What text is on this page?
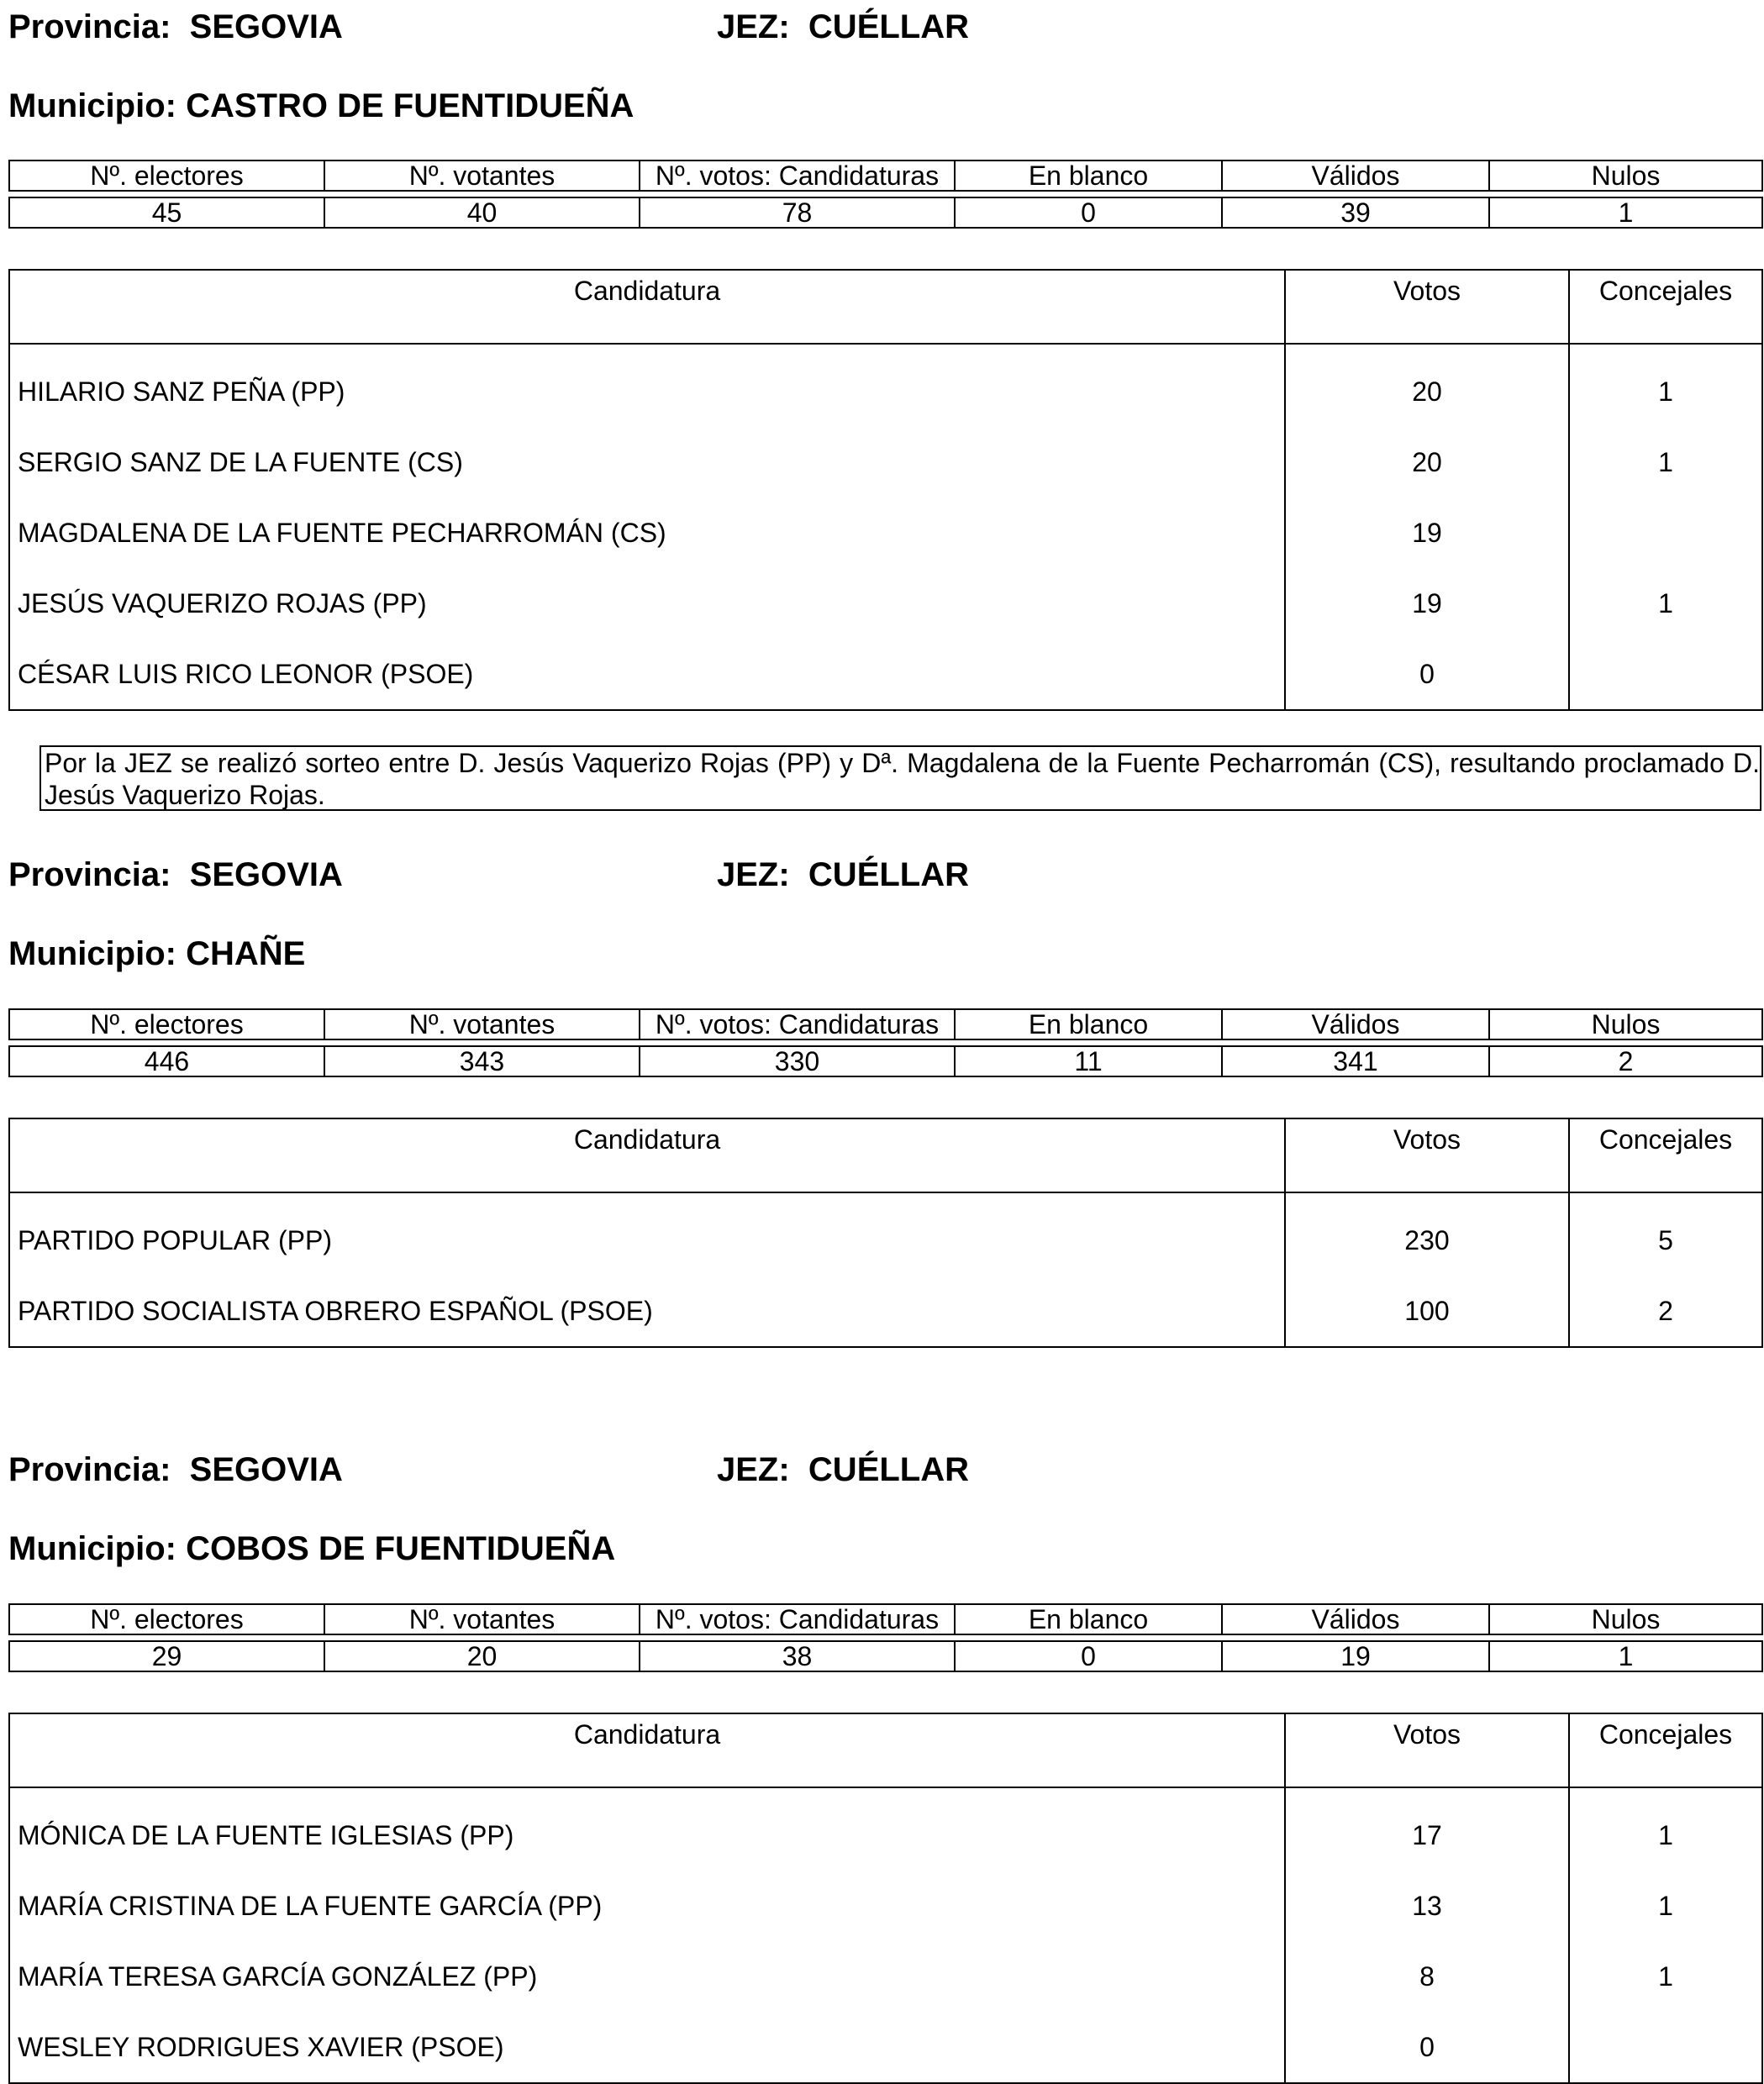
Provincia: SEGOVIA	JEZ: CUÉLLAR
Municipio: CASTRO DE FUENTIDUEÑA
Nº. electores	Nº. votantes	Nº. votos: Candidaturas	En blanco	Válidos	Nulos

45	40	78	0	39	1
Candidatura	Votos	Concejales
HILARIO SANZ PEÑA (PP)	20	1
SERGIO SANZ DE LA FUENTE (CS)	20	1
MAGDALENA DE LA FUENTE PECHARROMÁN (CS)	19	
JESÚS VAQUERIZO ROJAS (PP)	19	1
CÉSAR LUIS RICO LEONOR (PSOE)	0	
Por la JEZ se realizó sorteo entre D. Jesús Vaquerizo Rojas (PP) y Dª. Magdalena de la Fuente Pecharromán (CS), resultando proclamado D. Jesús Vaquerizo Rojas.
Provincia: SEGOVIA	JEZ: CUÉLLAR
Municipio: CHAÑE
Nº. electores	Nº. votantes	Nº. votos: Candidaturas	En blanco	Válidos	Nulos

446	343	330	11	341	2
Candidatura	Votos	Concejales
PARTIDO POPULAR (PP)	230	5
PARTIDO SOCIALISTA OBRERO ESPAÑOL (PSOE)	100	2
Provincia: SEGOVIA	JEZ: CUÉLLAR
Municipio: COBOS DE FUENTIDUEÑA
Nº. electores	Nº. votantes	Nº. votos: Candidaturas	En blanco	Válidos	Nulos

29	20	38	0	19	1
Candidatura	Votos	Concejales
MÓNICA DE LA FUENTE IGLESIAS (PP)	17	1
MARÍA CRISTINA DE LA FUENTE GARCÍA (PP)	13	1
MARÍA TERESA GARCÍA GONZÁLEZ (PP)	8	1
WESLEY RODRIGUES XAVIER (PSOE)	0	
